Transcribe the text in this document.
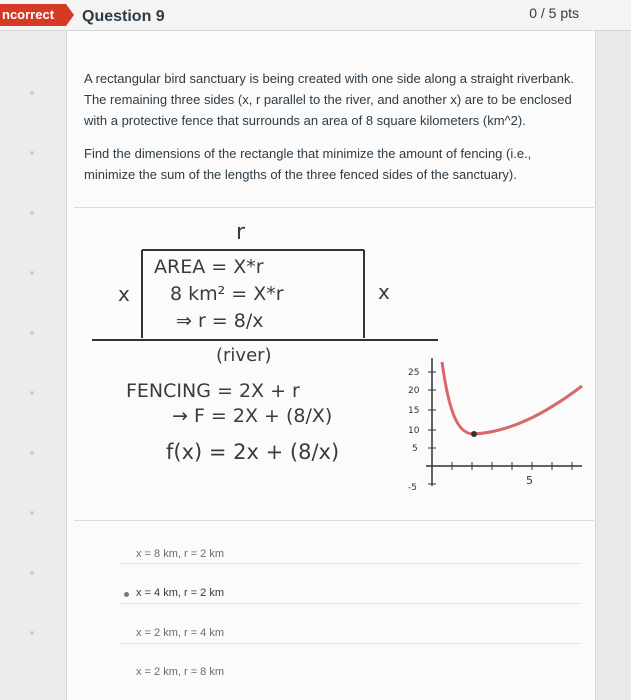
ncorrect	Question 9	0 / 5 pts

A rectangular bird sanctuary is being created with one side along a straight riverbank. The remaining three sides (x, r parallel to the river, and another x) are to be enclosed with a protective fence that surrounds an area of 8 square kilometers (km^2).

Find the dimensions of the rectangle that minimize the amount of fencing (i.e., minimize the sum of the lengths of the three fenced sides of the sanctuary).

r
x	x
AREA = X*r
8 km² = X*r
⇒ r = 8/x
(river)
FENCING = 2X + r
→ F = 2X + (8/X)
f(x) = 2x + (8/x)
25
20
15
10
5
-5
5
x = 8 km, r = 2 km
x = 4 km, r = 2 km
x = 2 km, r = 4 km
x = 2 km, r = 8 km
